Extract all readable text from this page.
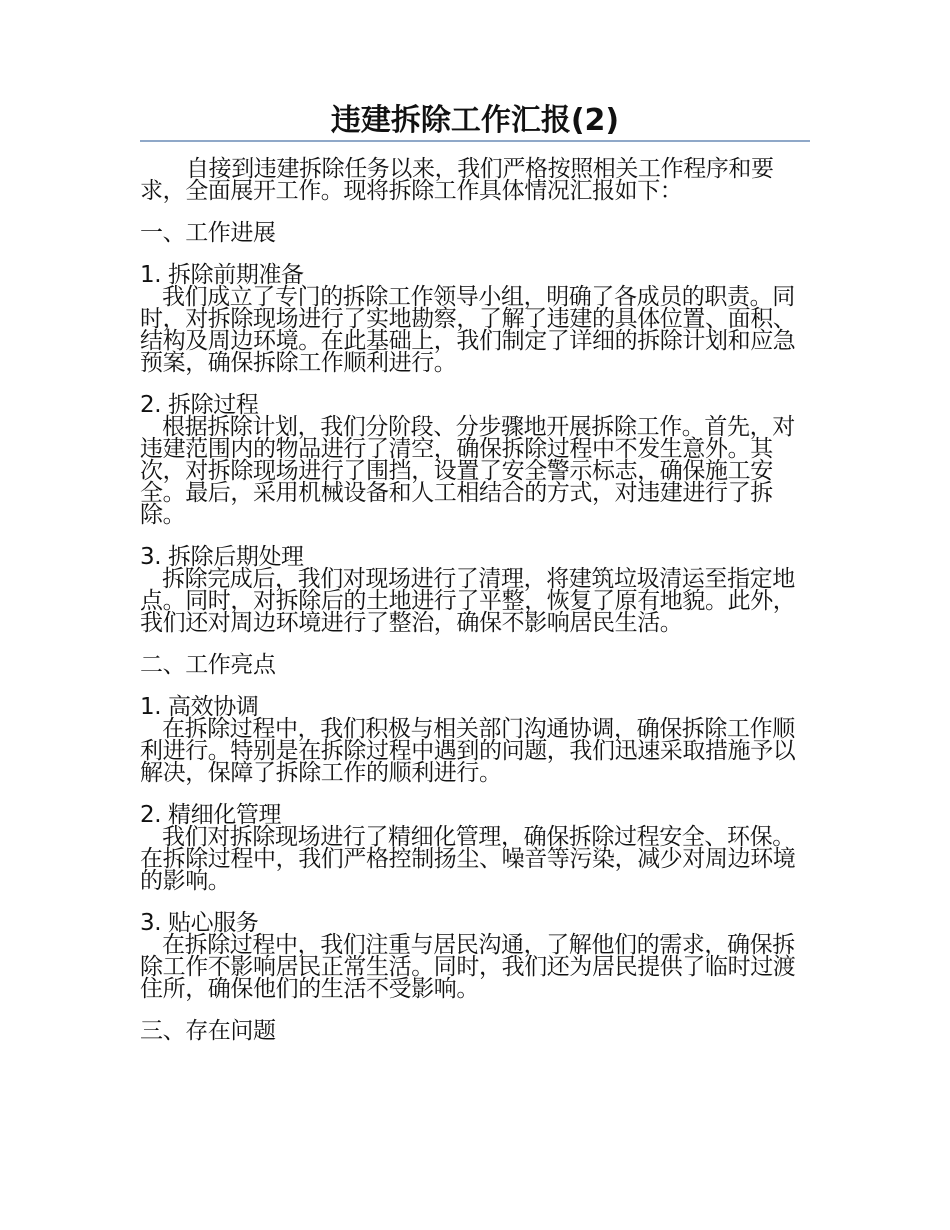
违建拆除工作汇报(2)

自接到违建拆除任务以来，我们严格按照相关工作程序和要求，全面展开工作。现将拆除工作具体情况汇报如下：

一、工作进展

1. 拆除前期准备

我们成立了专门的拆除工作领导小组，明确了各成员的职责。同时，对拆除现场进行了实地勘察，了解了违建的具体位置、面积、结构及周边环境。在此基础上，我们制定了详细的拆除计划和应急预案，确保拆除工作顺利进行。

2. 拆除过程

根据拆除计划，我们分阶段、分步骤地开展拆除工作。首先，对违建范围内的物品进行了清空，确保拆除过程中不发生意外。其次，对拆除现场进行了围挡，设置了安全警示标志，确保施工安全。最后，采用机械设备和人工相结合的方式，对违建进行了拆除。

3. 拆除后期处理

拆除完成后，我们对现场进行了清理，将建筑垃圾清运至指定地点。同时，对拆除后的土地进行了平整，恢复了原有地貌。此外，我们还对周边环境进行了整治，确保不影响居民生活。

二、工作亮点

1. 高效协调

在拆除过程中，我们积极与相关部门沟通协调，确保拆除工作顺利进行。特别是在拆除过程中遇到的问题，我们迅速采取措施予以解决，保障了拆除工作的顺利进行。

2. 精细化管理

我们对拆除现场进行了精细化管理，确保拆除过程安全、环保。在拆除过程中，我们严格控制扬尘、噪音等污染，减少对周边环境的影响。

3. 贴心服务

在拆除过程中，我们注重与居民沟通，了解他们的需求，确保拆除工作不影响居民正常生活。同时，我们还为居民提供了临时过渡住所，确保他们的生活不受影响。

三、存在问题
